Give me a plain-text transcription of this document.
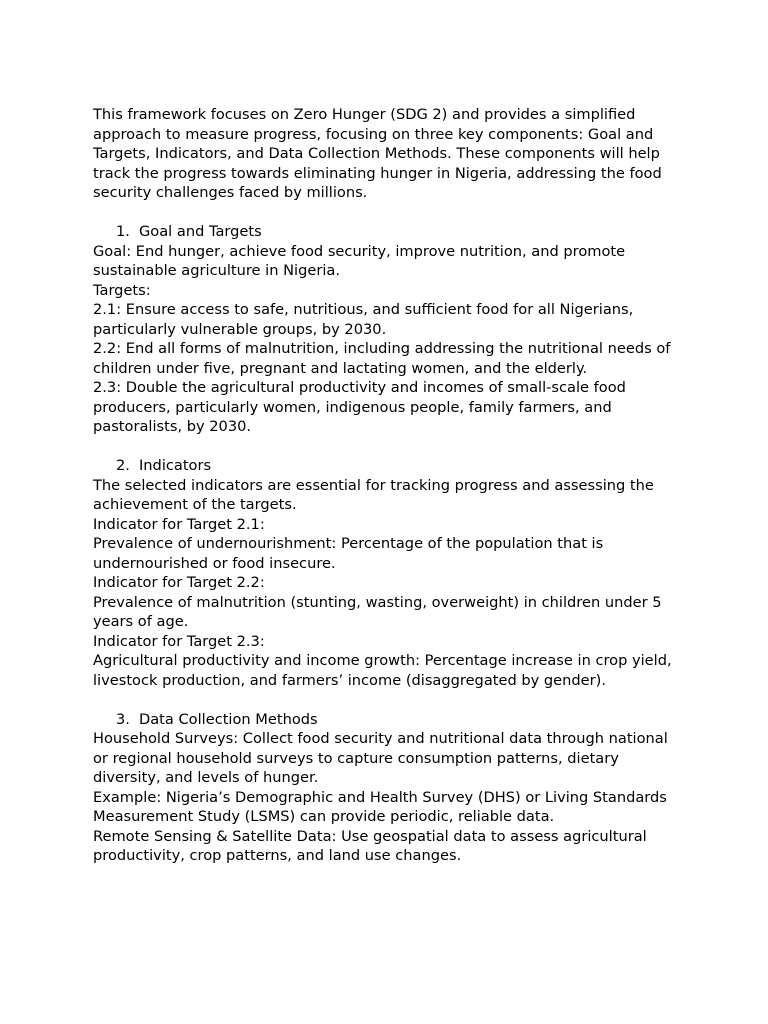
This framework focuses on Zero Hunger (SDG 2) and provides a simplified approach to measure progress, focusing on three key components: Goal and Targets, Indicators, and Data Collection Methods. These components will help track the progress towards eliminating hunger in Nigeria, addressing the food security challenges faced by millions.

1. Goal and Targets

Goal: End hunger, achieve food security, improve nutrition, and promote sustainable agriculture in Nigeria.

Targets:

2.1: Ensure access to safe, nutritious, and sufficient food for all Nigerians, particularly vulnerable groups, by 2030.

2.2: End all forms of malnutrition, including addressing the nutritional needs of children under five, pregnant and lactating women, and the elderly.

2.3: Double the agricultural productivity and incomes of small-scale food producers, particularly women, indigenous people, family farmers, and pastoralists, by 2030.

2. Indicators

The selected indicators are essential for tracking progress and assessing the achievement of the targets.

Indicator for Target 2.1:

Prevalence of undernourishment: Percentage of the population that is undernourished or food insecure.

Indicator for Target 2.2:

Prevalence of malnutrition (stunting, wasting, overweight) in children under 5 years of age.

Indicator for Target 2.3:

Agricultural productivity and income growth: Percentage increase in crop yield, livestock production, and farmers’ income (disaggregated by gender).

3. Data Collection Methods

Household Surveys: Collect food security and nutritional data through national or regional household surveys to capture consumption patterns, dietary diversity, and levels of hunger.

Example: Nigeria’s Demographic and Health Survey (DHS) or Living Standards Measurement Study (LSMS) can provide periodic, reliable data.

Remote Sensing & Satellite Data: Use geospatial data to assess agricultural productivity, crop patterns, and land use changes.
